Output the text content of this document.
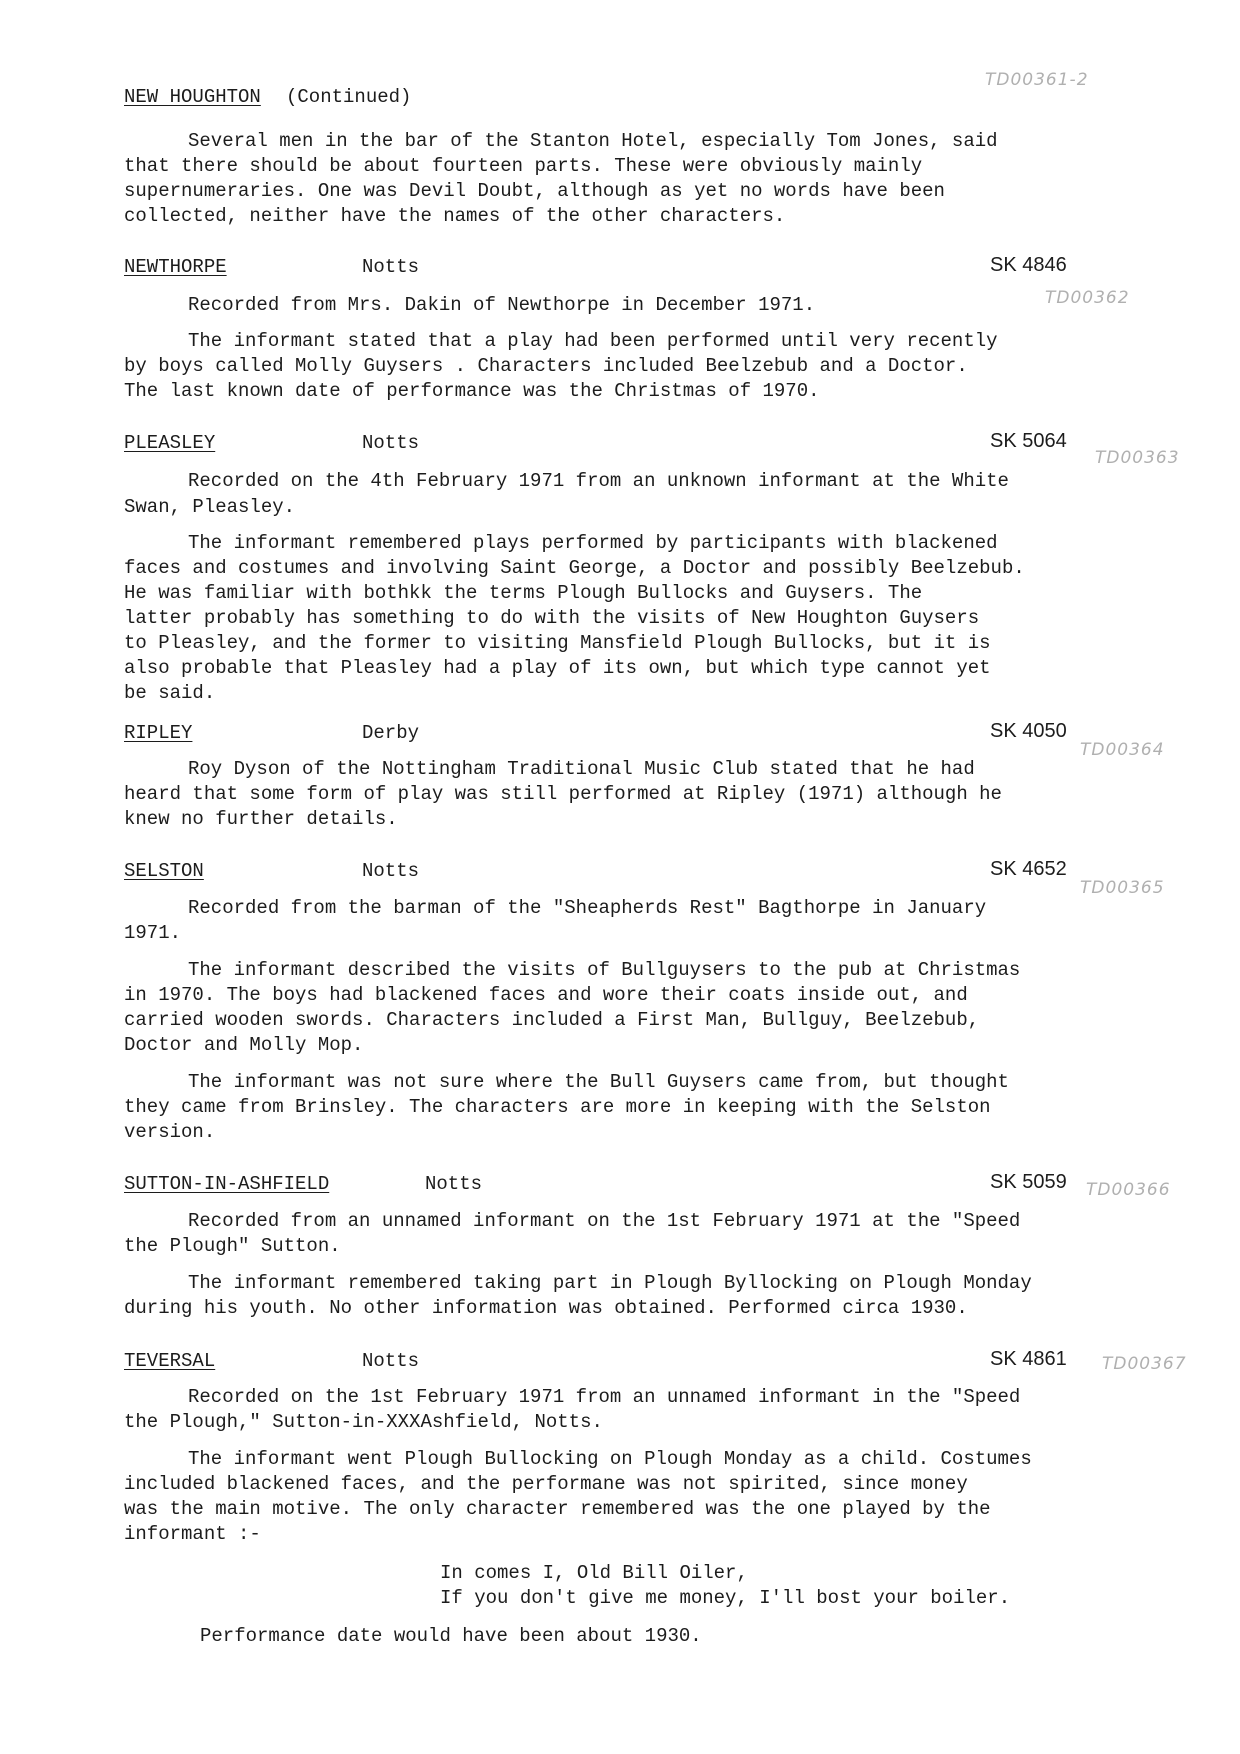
NEW HOUGHTON (Continued)
TD00361-2
Several men in the bar of the Stanton Hotel, especially Tom Jones, said
that there should be about fourteen parts. These were obviously mainly
supernumeraries. One was Devil Doubt, although as yet no words have been
collected, neither have the names of the other characters.
NEWTHORPE	Notts	SK 4846
TD00362
Recorded from Mrs. Dakin of Newthorpe in December 1971.
The informant stated that a play had been performed until very recently
by boys called Molly Guysers . Characters included Beelzebub and a Doctor.
The last known date of performance was the Christmas of 1970.
PLEASLEY	Notts	SK 5064
TD00363
Recorded on the 4th February 1971 from an unknown informant at the White
Swan, Pleasley.
The informant remembered plays performed by participants with blackened
faces and costumes and involving Saint George, a Doctor and possibly Beelzebub.
He was familiar with bothkk the terms Plough Bullocks and Guysers. The
latter probably has something to do with the visits of New Houghton Guysers
to Pleasley, and the former to visiting Mansfield Plough Bullocks, but it is
also probable that Pleasley had a play of its own, but which type cannot yet
be said.
RIPLEY	Derby	SK 4050
TD00364
Roy Dyson of the Nottingham Traditional Music Club stated that he had
heard that some form of play was still performed at Ripley (1971) although he
knew no further details.
SELSTON	Notts	SK 4652
TD00365
Recorded from the barman of the "Sheapherds Rest" Bagthorpe in January
1971.
The informant described the visits of Bullguysers to the pub at Christmas
in 1970. The boys had blackened faces and wore their coats inside out, and
carried wooden swords. Characters included a First Man, Bullguy, Beelzebub,
Doctor and Molly Mop.
The informant was not sure where the Bull Guysers came from, but thought
they came from Brinsley. The characters are more in keeping with the Selston
version.
SUTTON-IN-ASHFIELD	Notts	SK 5059 TD00366
Recorded from an unnamed informant on the 1st February 1971 at the "Speed
the Plough" Sutton.
The informant remembered taking part in Plough Byllocking on Plough Monday
during his youth. No other information was obtained. Performed circa 1930.
TEVERSAL	Notts	SK 4861 TD00367
Recorded on the 1st February 1971 from an unnamed informant in the "Speed
the Plough," Sutton-in-XXXAshfield, Notts.
The informant went Plough Bullocking on Plough Monday as a child. Costumes
included blackened faces, and the performane was not spirited, since money
was the main motive. The only character remembered was the one played by the
informant :-
In comes I, Old Bill Oiler,
If you don't give me money, I'll bost your boiler.
Performance date would have been about 1930.
